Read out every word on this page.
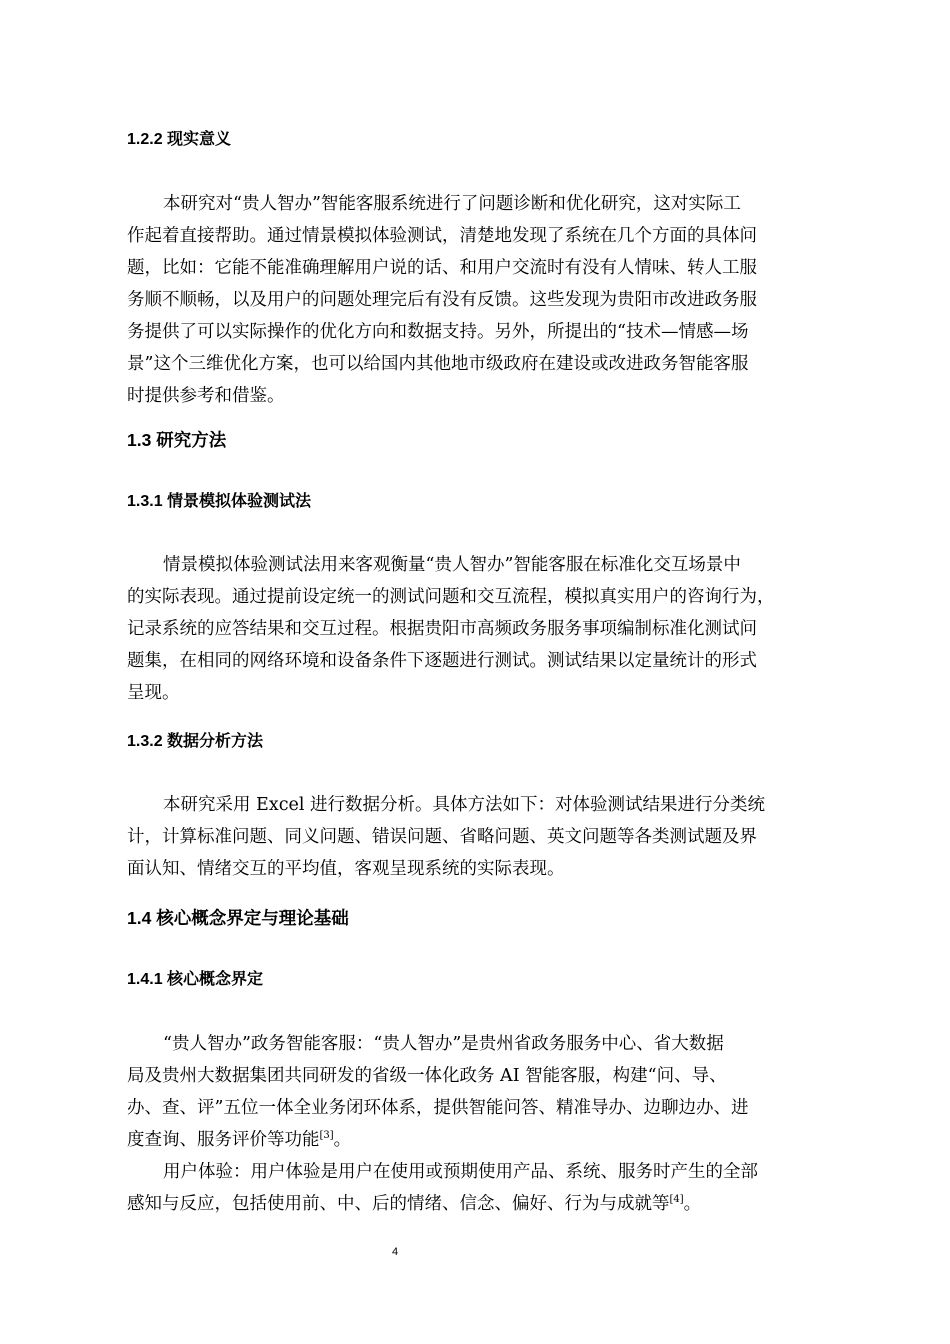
1.2.2 现实意义
本研究对“贵人智办”智能客服系统进行了问题诊断和优化研究，这对实际工
作起着直接帮助。通过情景模拟体验测试，清楚地发现了系统在几个方面的具体问
题，比如：它能不能准确理解用户说的话、和用户交流时有没有人情味、转人工服
务顺不顺畅，以及用户的问题处理完后有没有反馈。这些发现为贵阳市改进政务服
务提供了可以实际操作的优化方向和数据支持。另外，所提出的“技术—情感—场
景”这个三维优化方案，也可以给国内其他地市级政府在建设或改进政务智能客服
时提供参考和借鉴。
1.3 研究方法
1.3.1 情景模拟体验测试法
情景模拟体验测试法用来客观衡量“贵人智办”智能客服在标准化交互场景中
的实际表现。通过提前设定统一的测试问题和交互流程，模拟真实用户的咨询行为，
记录系统的应答结果和交互过程。根据贵阳市高频政务服务事项编制标准化测试问
题集，在相同的网络环境和设备条件下逐题进行测试。测试结果以定量统计的形式
呈现。
1.3.2 数据分析方法
本研究采用 Excel 进行数据分析。具体方法如下：对体验测试结果进行分类统
计，计算标准问题、同义问题、错误问题、省略问题、英文问题等各类测试题及界
面认知、情绪交互的平均值，客观呈现系统的实际表现。
1.4 核心概念界定与理论基础
1.4.1 核心概念界定
“贵人智办”政务智能客服：“贵人智办”是贵州省政务服务中心、省大数据
局及贵州大数据集团共同研发的省级一体化政务 AI 智能客服，构建“问、导、
办、查、评”五位一体全业务闭环体系，提供智能问答、精准导办、边聊边办、进
度查询、服务评价等功能[3]。
用户体验：用户体验是用户在使用或预期使用产品、系统、服务时产生的全部
感知与反应，包括使用前、中、后的情绪、信念、偏好、行为与成就等[4]。
4
